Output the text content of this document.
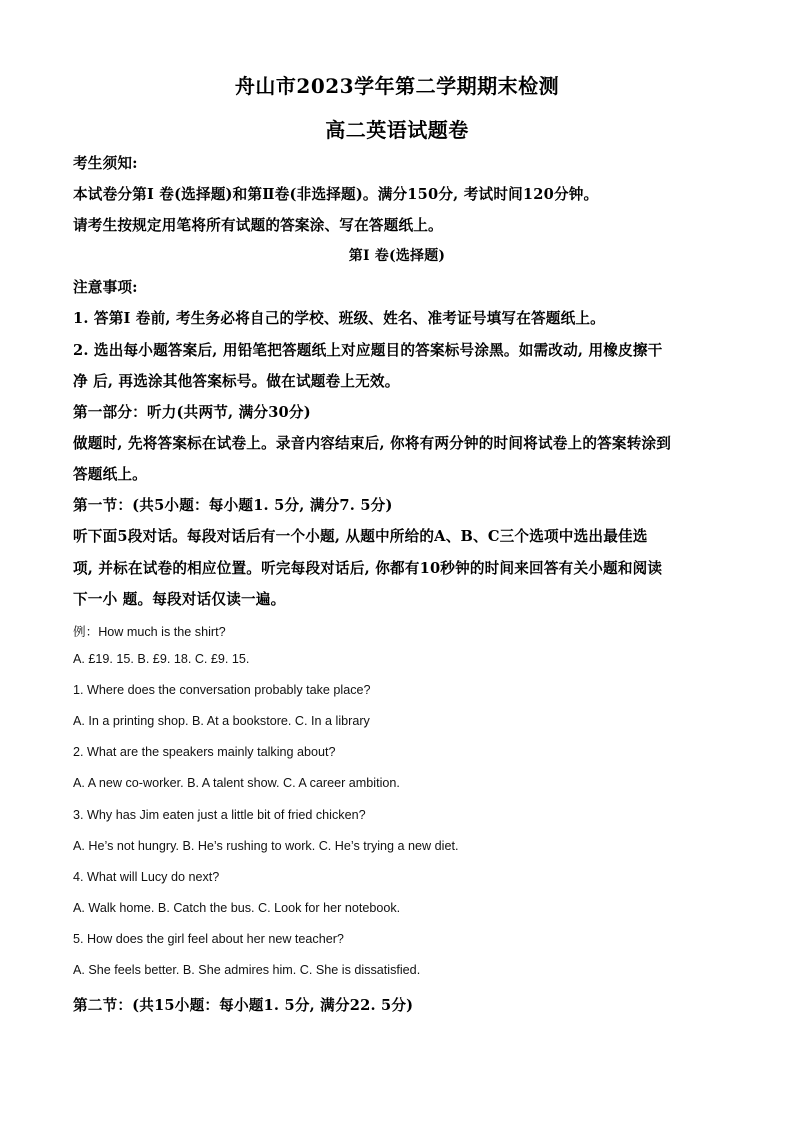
舟山市2023学年第二学期期末检测
高二英语试题卷
考生须知:
本试卷分第Ⅰ 卷(选择题)和第Ⅱ卷(非选择题)。满分150分, 考试时间120分钟。
请考生按规定用笔将所有试题的答案涂、写在答题纸上。
第Ⅰ 卷(选择题)
注意事项:
1. 答第Ⅰ 卷前, 考生务必将自己的学校、班级、姓名、准考证号填写在答题纸上。
2. 选出每小题答案后, 用铅笔把答题纸上对应题目的答案标号涂黑。如需改动, 用橡皮擦干
净 后, 再选涂其他答案标号。做在试题卷上无效。
第一部分：听力(共两节, 满分30分)
做题时, 先将答案标在试卷上。录音内容结束后, 你将有两分钟的时间将试卷上的答案转涂到
答题纸上。
第一节：(共5小题：每小题1. 5分, 满分7. 5分)
听下面5段对话。每段对话后有一个小题, 从题中所给的A、B、C三个选项中选出最佳选
项, 并标在试卷的相应位置。听完每段对话后, 你都有10秒钟的时间来回答有关小题和阅读
下一小 题。每段对话仅读一遍。
例：How much is the shirt?
A. £19. 15. B. £9. 18. C. £9. 15.
1. Where does the conversation probably take place?
A. In a printing shop. B. At a bookstore. C. In a library
2. What are the speakers mainly talking about?
A. A new co-worker. B. A talent show. C. A career ambition.
3. Why has Jim eaten just a little bit of fried chicken?
A. He’s not hungry. B. He’s rushing to work. C. He’s trying a new diet.
4. What will Lucy do next?
A. Walk home. B. Catch the bus. C. Look for her notebook.
5. How does the girl feel about her new teacher?
A. She feels better. B. She admires him. C. She is dissatisfied.
第二节：(共15小题：每小题1. 5分, 满分22. 5分)
